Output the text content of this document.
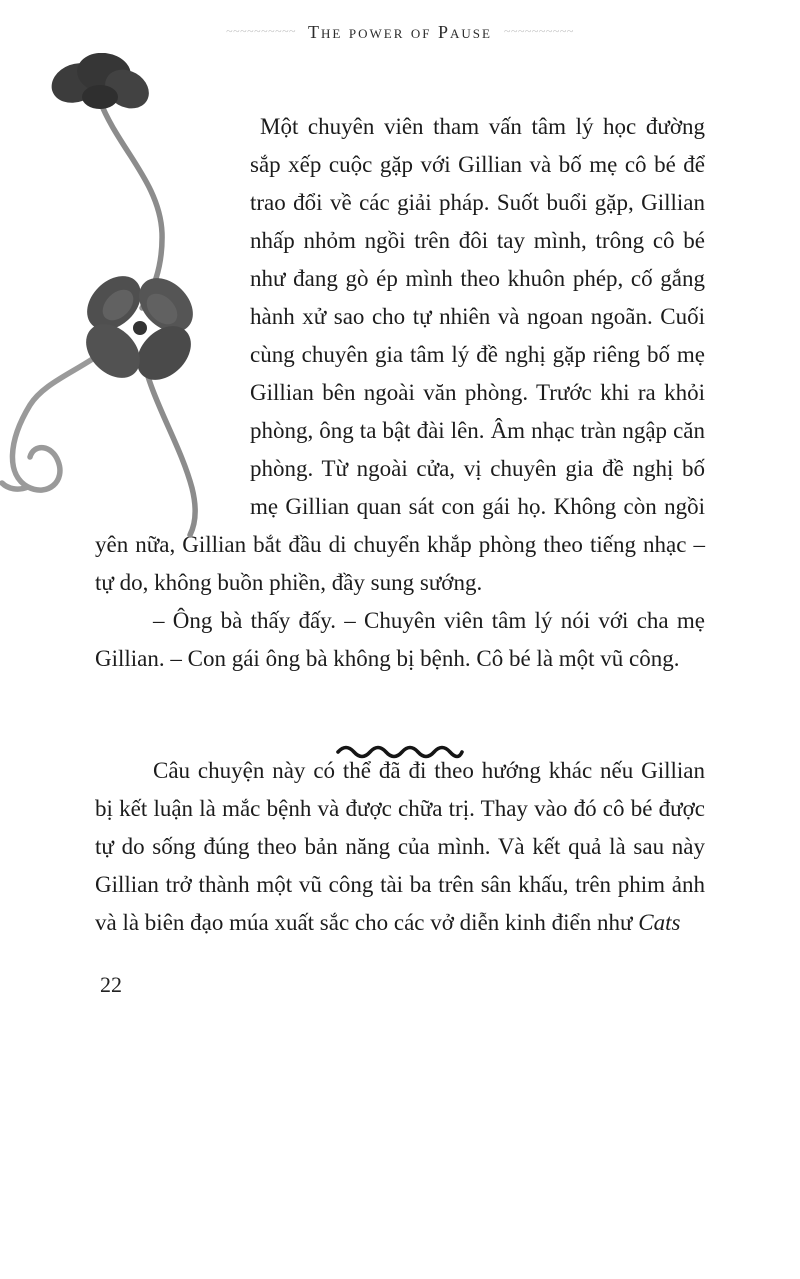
~~~~~~~~~~ The power of Pause ~~~~~~~~~~

Một chuyên viên tham vấn tâm lý học đường sắp xếp cuộc gặp với Gillian và bố mẹ cô bé để trao đổi về các giải pháp. Suốt buổi gặp, Gillian nhấp nhỏm ngồi trên đôi tay mình, trông cô bé như đang gò ép mình theo khuôn phép, cố gắng hành xử sao cho tự nhiên và ngoan ngoãn. Cuối cùng chuyên gia tâm lý đề nghị gặp riêng bố mẹ Gillian bên ngoài văn phòng. Trước khi ra khỏi phòng, ông ta bật đài lên. Âm nhạc tràn ngập căn phòng. Từ ngoài cửa, vị chuyên gia đề nghị bố mẹ Gillian quan sát con gái họ. Không còn ngồi yên nữa, Gillian bắt đầu di chuyển khắp phòng theo tiếng nhạc – tự do, không buồn phiền, đầy sung sướng.

– Ông bà thấy đấy. – Chuyên viên tâm lý nói với cha mẹ Gillian. – Con gái ông bà không bị bệnh. Cô bé là một vũ công.

Câu chuyện này có thể đã đi theo hướng khác nếu Gillian bị kết luận là mắc bệnh và được chữa trị. Thay vào đó cô bé được tự do sống đúng theo bản năng của mình. Và kết quả là sau này Gillian trở thành một vũ công tài ba trên sân khấu, trên phim ảnh và là biên đạo múa xuất sắc cho các vở diễn kinh điển như Cats

22
